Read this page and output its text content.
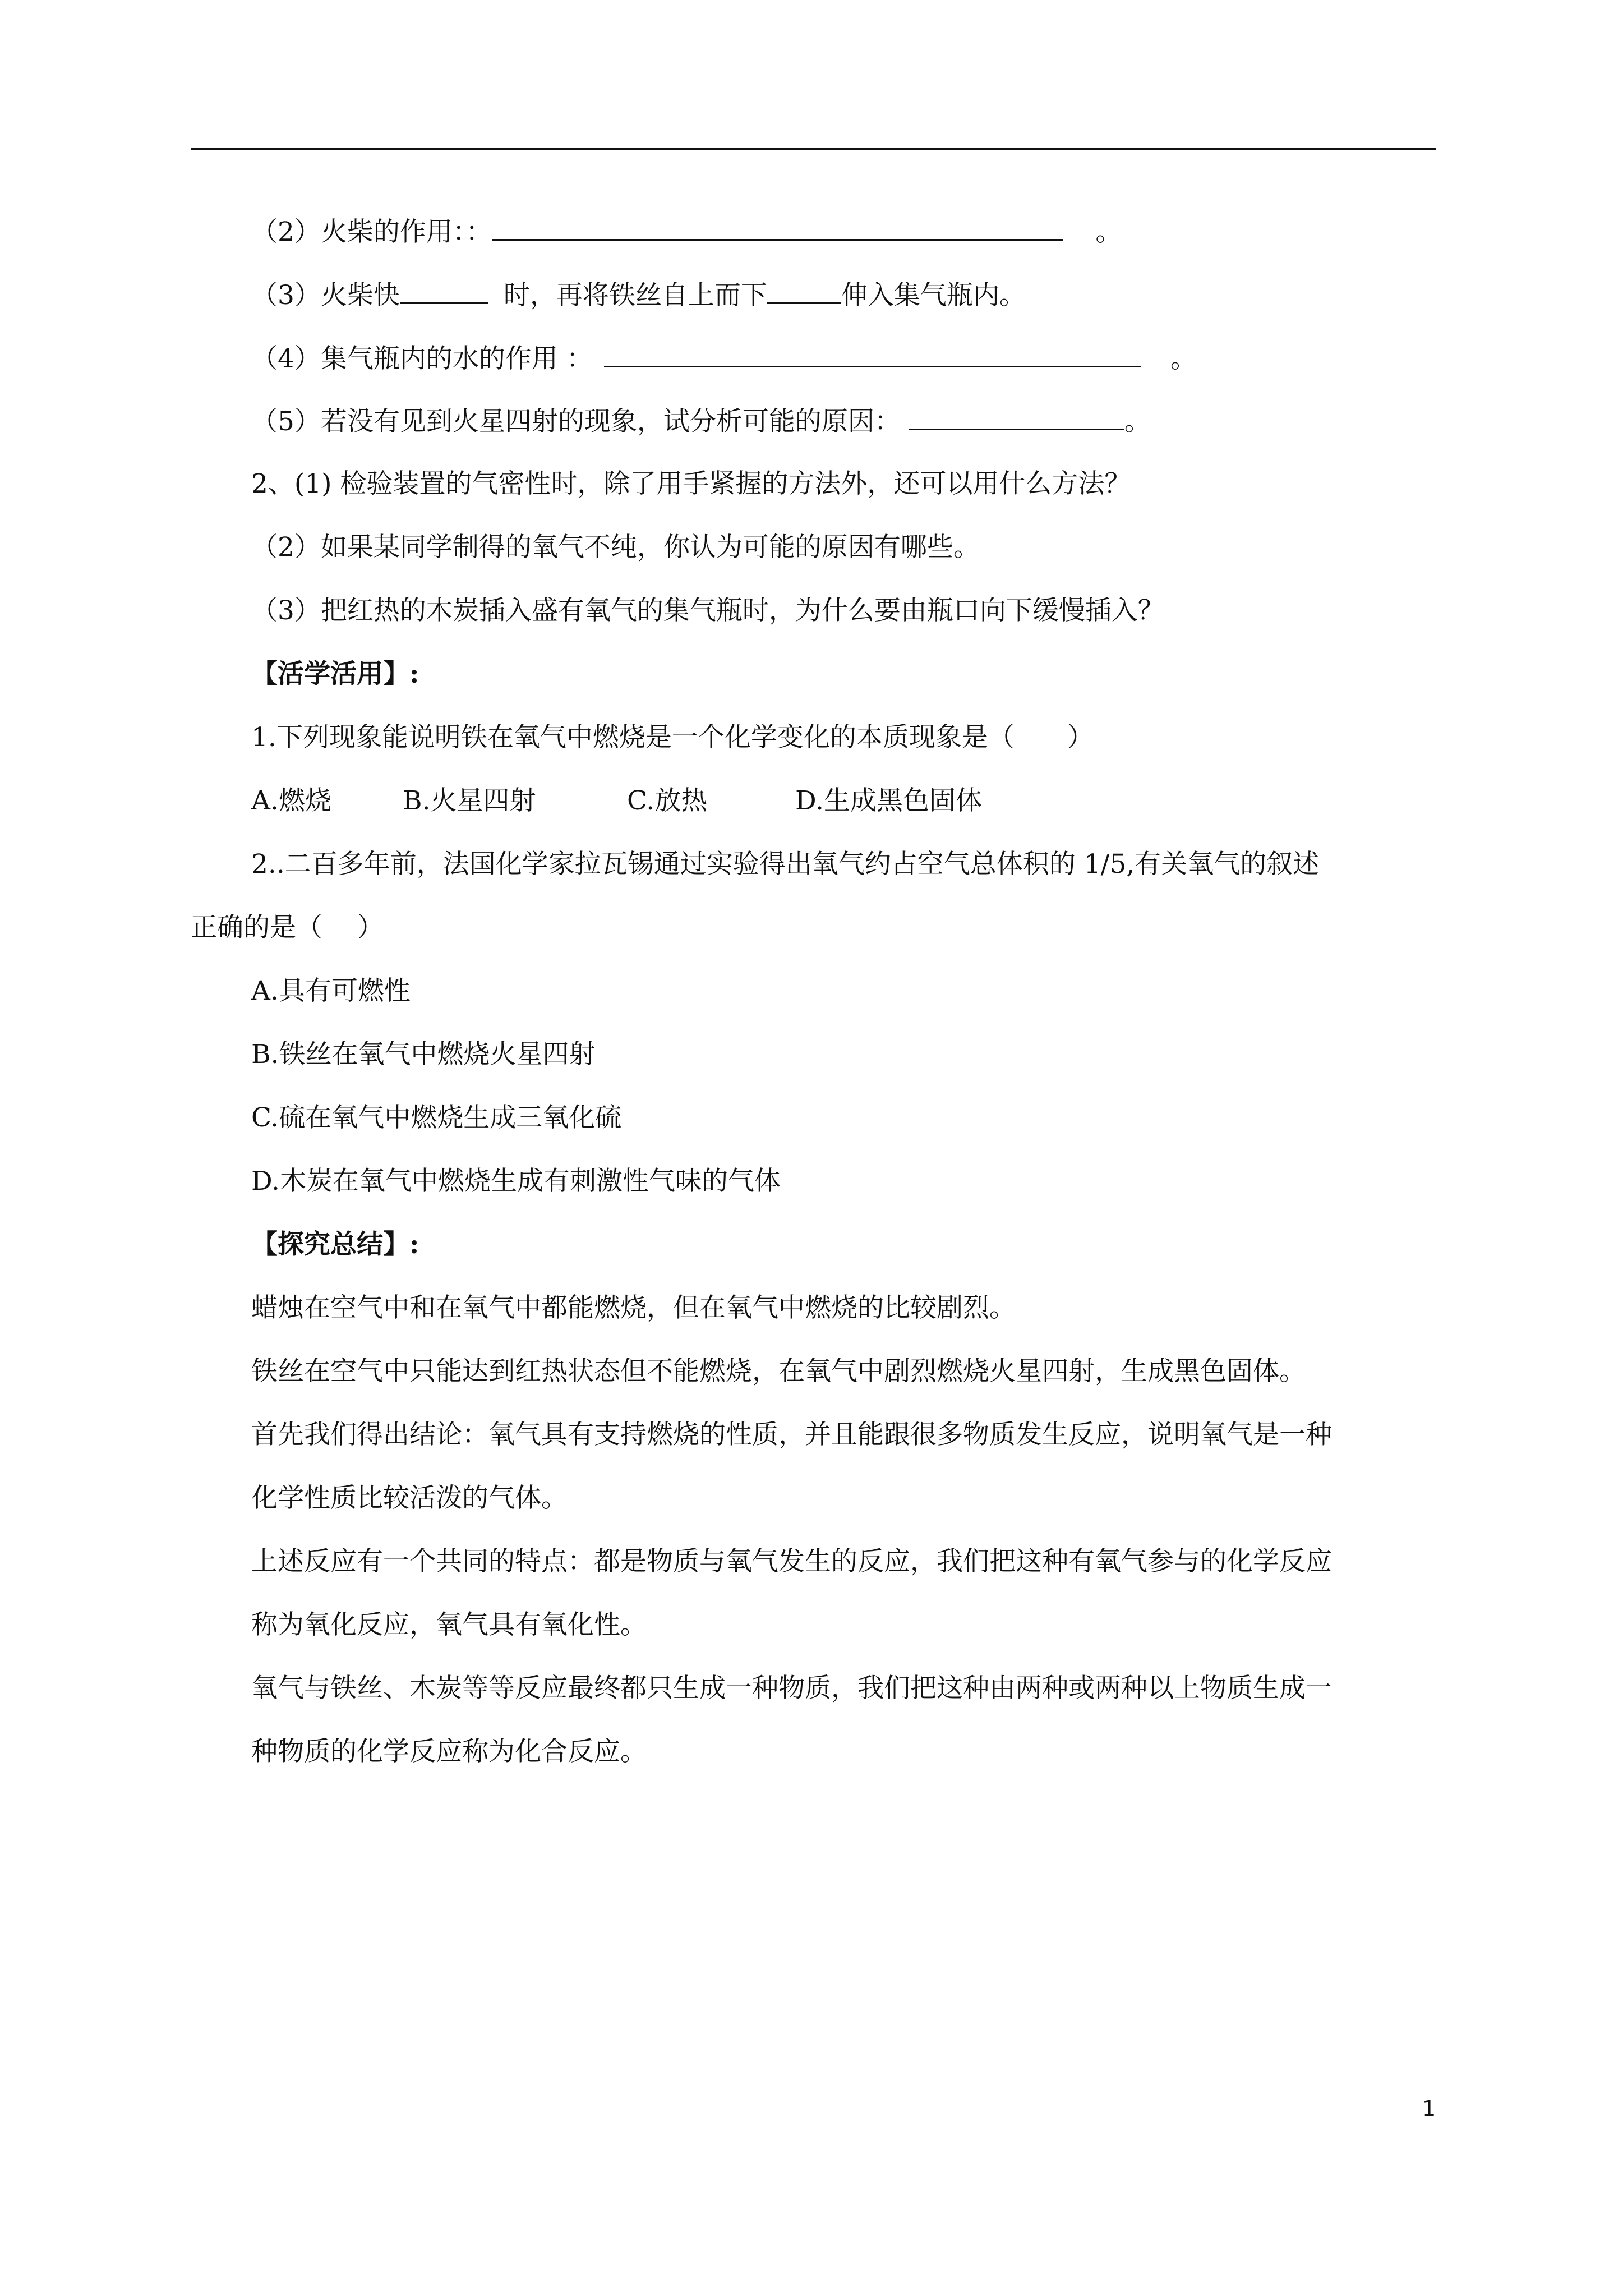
（2）火柴的作用：：	。
（3）火柴快	时，再将铁丝自上而下	伸入集气瓶内。
（4）集气瓶内的水的作用 ：	。
（5）若没有见到火星四射的现象，试分析可能的原因：	。
2、(1) 检验装置的气密性时，除了用手紧握的方法外，还可以用什么方法？
（2）如果某同学制得的氧气不纯，你认为可能的原因有哪些。
（3）把红热的木炭插入盛有氧气的集气瓶时，为什么要由瓶口向下缓慢插入？
【活学活用】:
1.下列现象能说明铁在氧气中燃烧是一个化学变化的本质现象是（　　）
A.燃烧	B.火星四射	C.放热	D.生成黑色固体
2..二百多年前，法国化学家拉瓦锡通过实验得出氧气约占空气总体积的 1/5,有关氧气的叙述
正确的是（　 ）
A.具有可燃性
B.铁丝在氧气中燃烧火星四射
C.硫在氧气中燃烧生成三氧化硫
D.木炭在氧气中燃烧生成有刺激性气味的气体
【探究总结】:
蜡烛在空气中和在氧气中都能燃烧，但在氧气中燃烧的比较剧烈。
铁丝在空气中只能达到红热状态但不能燃烧，在氧气中剧烈燃烧火星四射，生成黑色固体。
首先我们得出结论：氧气具有支持燃烧的性质，并且能跟很多物质发生反应，说明氧气是一种
化学性质比较活泼的气体。
上述反应有一个共同的特点：都是物质与氧气发生的反应，我们把这种有氧气参与的化学反应
称为氧化反应，氧气具有氧化性。
氧气与铁丝、木炭等等反应最终都只生成一种物质，我们把这种由两种或两种以上物质生成一
种物质的化学反应称为化合反应。
1
